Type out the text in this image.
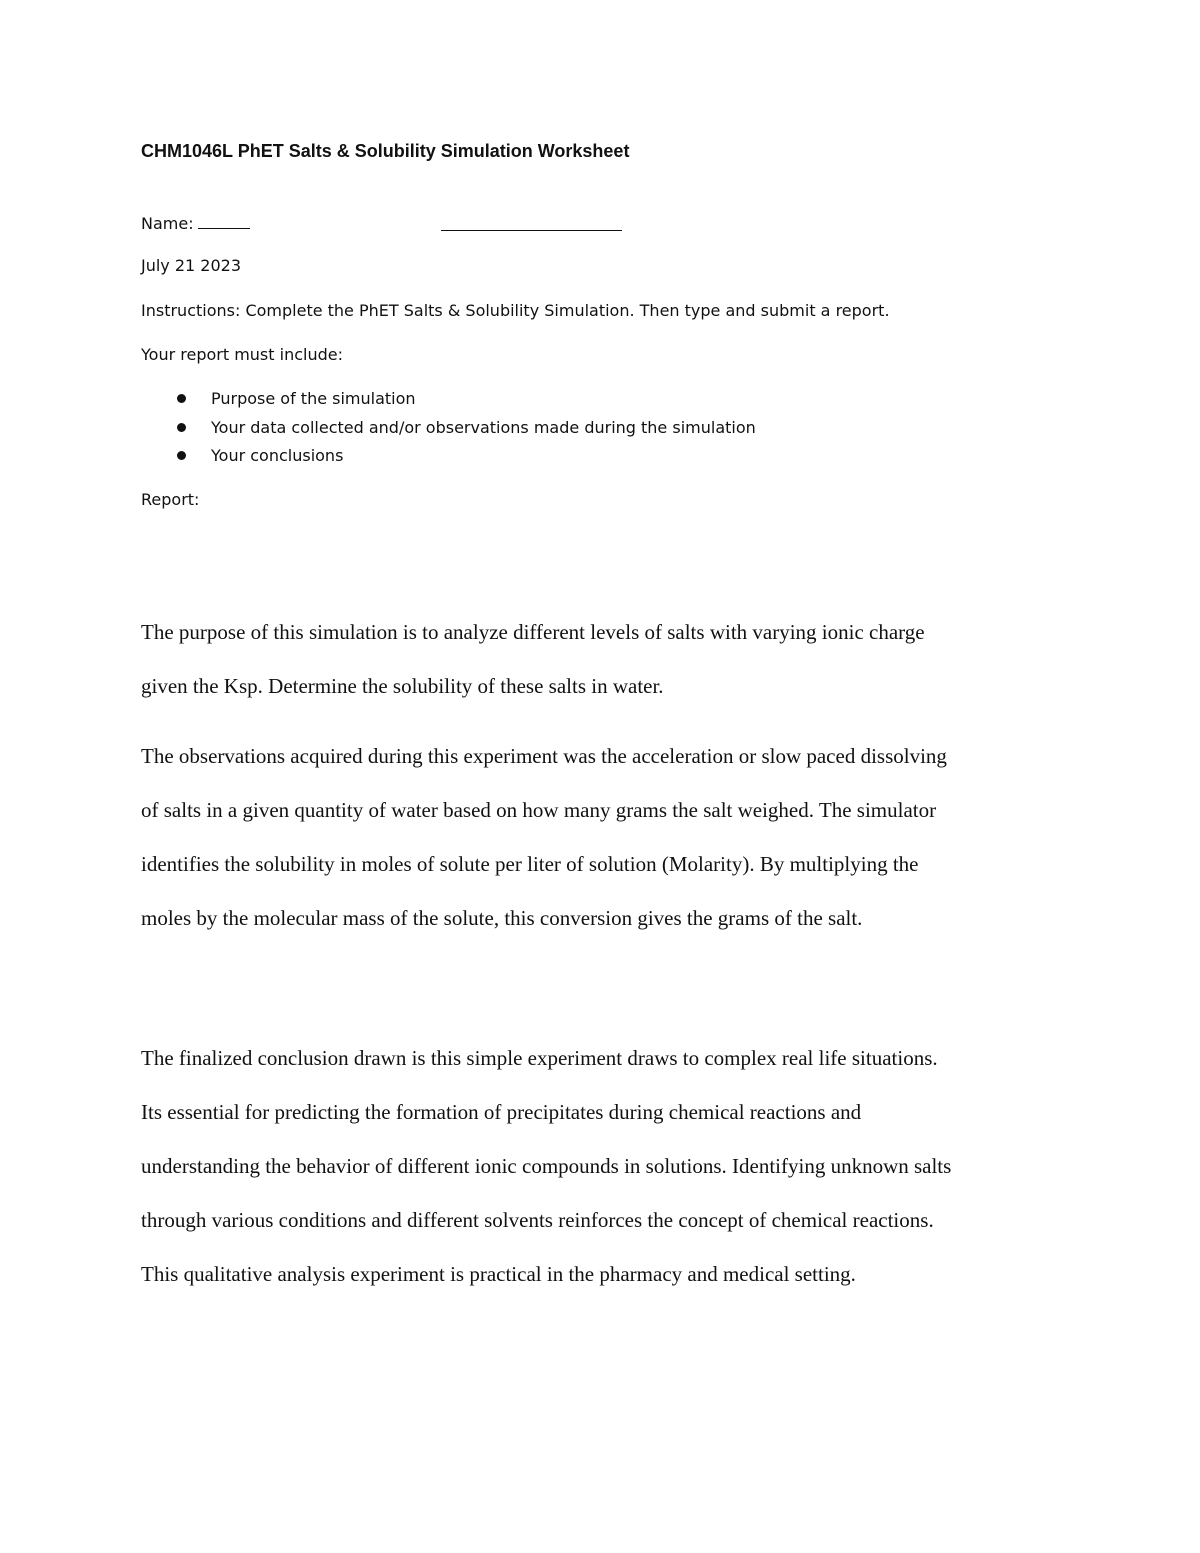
CHM1046L PhET Salts & Solubility Simulation Worksheet
Name:
July 21 2023
Instructions: Complete the PhET Salts & Solubility Simulation. Then type and submit a report.
Your report must include:
Purpose of the simulation
Your data collected and/or observations made during the simulation
Your conclusions
Report:

The purpose of this simulation is to analyze different levels of salts with varying ionic charge
given the Ksp. Determine the solubility of these salts in water.

The observations acquired during this experiment was the acceleration or slow paced dissolving
of salts in a given quantity of water based on how many grams the salt weighed. The simulator
identifies the solubility in moles of solute per liter of solution (Molarity). By multiplying the
moles by the molecular mass of the solute, this conversion gives the grams of the salt.

The finalized conclusion drawn is this simple experiment draws to complex real life situations.
Its essential for predicting the formation of precipitates during chemical reactions and
understanding the behavior of different ionic compounds in solutions. Identifying unknown salts
through various conditions and different solvents reinforces the concept of chemical reactions.
This qualitative analysis experiment is practical in the pharmacy and medical setting.
